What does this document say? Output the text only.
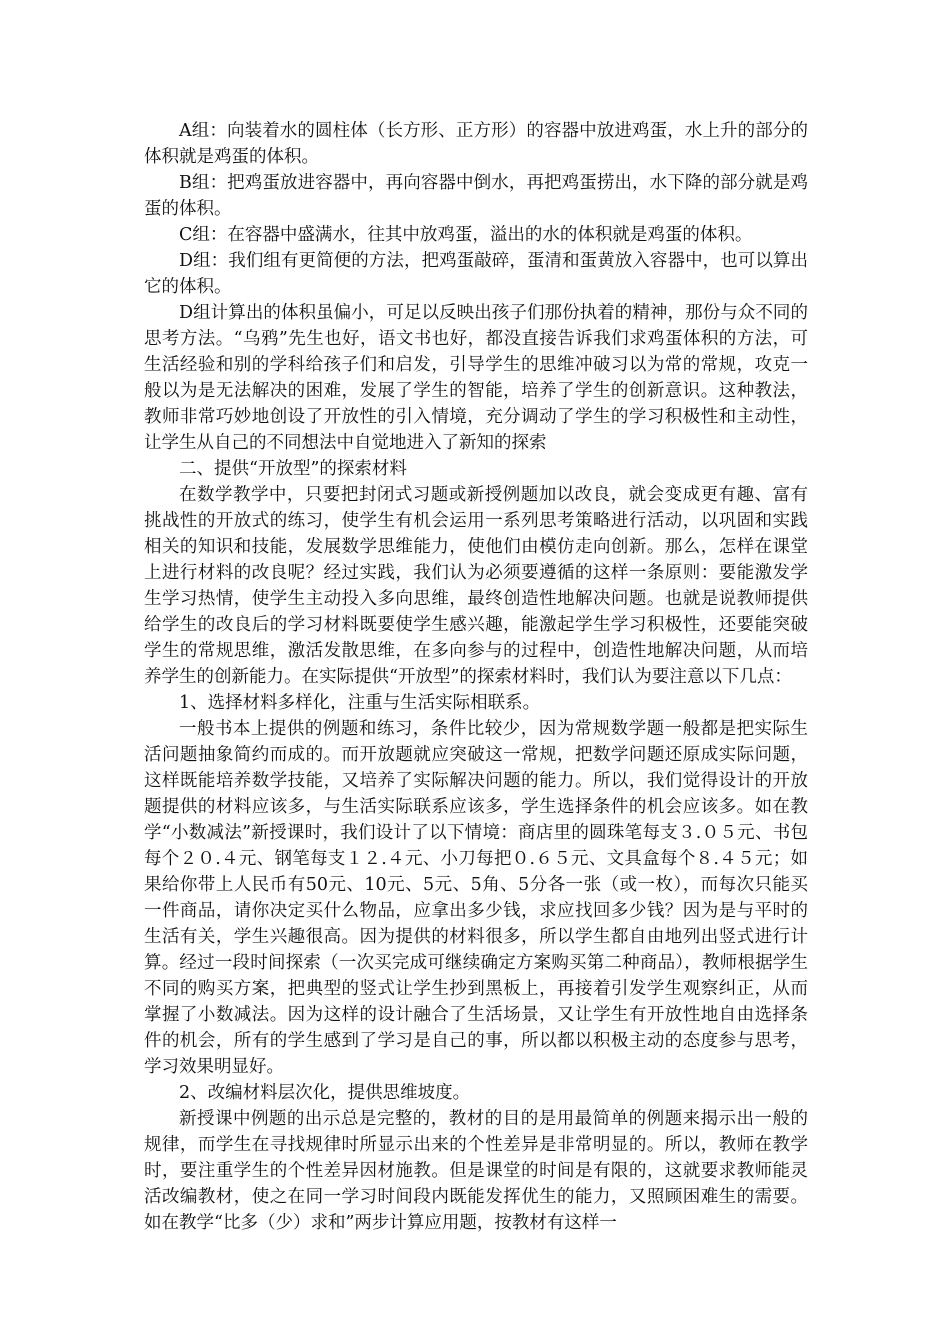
A组：向装着水的圆柱体（长方形、正方形）的容器中放进鸡蛋，水上升的部分的体积就是鸡蛋的体积。

B组：把鸡蛋放进容器中，再向容器中倒水，再把鸡蛋捞出，水下降的部分就是鸡蛋的体积。

C组：在容器中盛满水，往其中放鸡蛋，溢出的水的体积就是鸡蛋的体积。

D组：我们组有更简便的方法，把鸡蛋敲碎，蛋清和蛋黄放入容器中，也可以算出它的体积。

D组计算出的体积虽偏小，可足以反映出孩子们那份执着的精神，那份与众不同的思考方法。“乌鸦”先生也好，语文书也好，都没直接告诉我们求鸡蛋体积的方法，可生活经验和别的学科给孩子们和启发，引导学生的思维冲破习以为常的常规，攻克一般以为是无法解决的困难，发展了学生的智能，培养了学生的创新意识。这种教法，教师非常巧妙地创设了开放性的引入情境，充分调动了学生的学习积极性和主动性，让学生从自己的不同想法中自觉地进入了新知的探索

二、提供“开放型”的探索材料

在数学教学中，只要把封闭式习题或新授例题加以改良，就会变成更有趣、富有挑战性的开放式的练习，使学生有机会运用一系列思考策略进行活动，以巩固和实践相关的知识和技能，发展数学思维能力，使他们由模仿走向创新。那么，怎样在课堂上进行材料的改良呢？经过实践，我们认为必须要遵循的这样一条原则：要能激发学生学习热情，使学生主动投入多向思维，最终创造性地解决问题。也就是说教师提供给学生的改良后的学习材料既要使学生感兴趣，能激起学生学习积极性，还要能突破学生的常规思维，激活发散思维，在多向参与的过程中，创造性地解决问题，从而培养学生的创新能力。在实际提供“开放型”的探索材料时，我们认为要注意以下几点：

1、选择材料多样化，注重与生活实际相联系。

一般书本上提供的例题和练习，条件比较少，因为常规数学题一般都是把实际生活问题抽象简约而成的。而开放题就应突破这一常规，把数学问题还原成实际问题，这样既能培养数学技能，又培养了实际解决问题的能力。所以，我们觉得设计的开放题提供的材料应该多，与生活实际联系应该多，学生选择条件的机会应该多。如在教学“小数减法”新授课时，我们设计了以下情境：商店里的圆珠笔每支３.０５元、书包每个２０.４元、钢笔每支１２.４元、小刀每把０.６５元、文具盒每个８.４５元；如果给你带上人民币有50元、10元、5元、5角、5分各一张（或一枚），而每次只能买一件商品，请你决定买什么物品，应拿出多少钱，求应找回多少钱？因为是与平时的生活有关，学生兴趣很高。因为提供的材料很多，所以学生都自由地列出竖式进行计算。经过一段时间探索（一次买完成可继续确定方案购买第二种商品），教师根据学生不同的购买方案，把典型的竖式让学生抄到黑板上，再接着引发学生观察纠正，从而掌握了小数减法。因为这样的设计融合了生活场景，又让学生有开放性地自由选择条件的机会，所有的学生感到了学习是自己的事，所以都以积极主动的态度参与思考，学习效果明显好。

2、改编材料层次化，提供思维坡度。

新授课中例题的出示总是完整的，教材的目的是用最简单的例题来揭示出一般的规律，而学生在寻找规律时所显示出来的个性差异是非常明显的。所以，教师在教学时，要注重学生的个性差异因材施教。但是课堂的时间是有限的，这就要求教师能灵活改编教材，使之在同一学习时间段内既能发挥优生的能力，又照顾困难生的需要。如在教学“比多（少）求和”两步计算应用题，按教材有这样一
